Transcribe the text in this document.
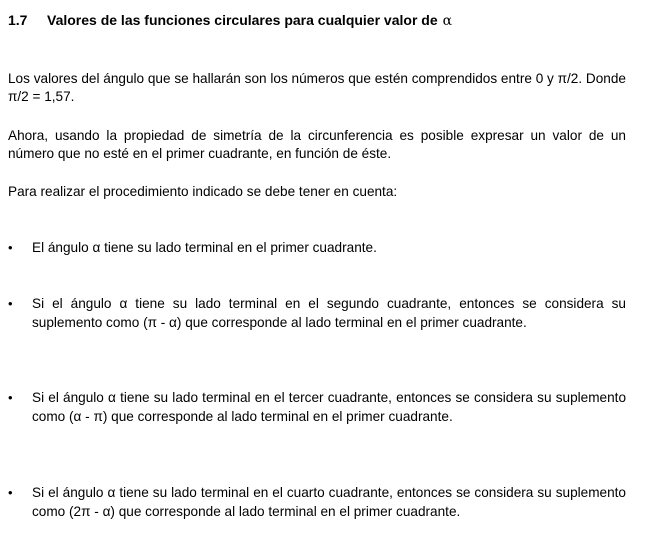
1.7 Valores de las funciones circulares para cualquier valor de α
Los valores del ángulo que se hallarán son los números que estén comprendidos entre 0 y π/2. Donde π/2 = 1,57.
Ahora, usando la propiedad de simetría de la circunferencia es posible expresar un valor de un número que no esté en el primer cuadrante, en función de éste.
Para realizar el procedimiento indicado se debe tener en cuenta:
• El ángulo α tiene su lado terminal en el primer cuadrante.
• Si el ángulo α tiene su lado terminal en el segundo cuadrante, entonces se considera su suplemento como (π - α) que corresponde al lado terminal en el primer cuadrante.
• Si el ángulo α tiene su lado terminal en el tercer cuadrante, entonces se considera su suplemento como (α - π) que corresponde al lado terminal en el primer cuadrante.
• Si el ángulo α tiene su lado terminal en el cuarto cuadrante, entonces se considera su suplemento como (2π - α) que corresponde al lado terminal en el primer cuadrante.
